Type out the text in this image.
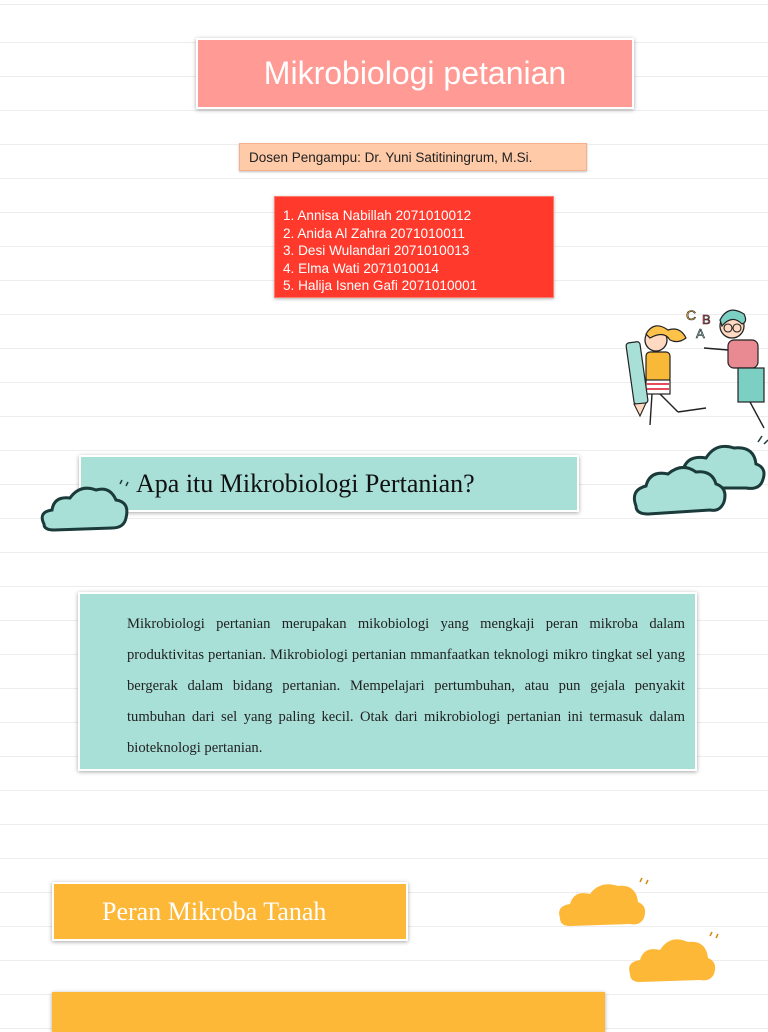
Mikrobiologi petanian
Dosen Pengampu: Dr. Yuni Satitiningrum, M.Si.
1. Annisa Nabillah 2071010012
2. Anida Al Zahra 2071010011
3. Desi Wulandari 2071010013
4. Elma Wati 2071010014
5. Halija Isnen Gafi 2071010001
C B
A
Apa itu Mikrobiologi Pertanian?
Mikrobiologi pertanian merupakan mikobiologi yang mengkaji peran mikroba dalam produktivitas pertanian. Mikrobiologi pertanian mmanfaatkan teknologi mikro tingkat sel yang bergerak dalam bidang pertanian. Mempelajari pertumbuhan, atau pun gejala penyakit tumbuhan dari sel yang paling kecil. Otak dari mikrobiologi pertanian ini termasuk dalam bioteknologi pertanian.
Peran Mikroba Tanah
